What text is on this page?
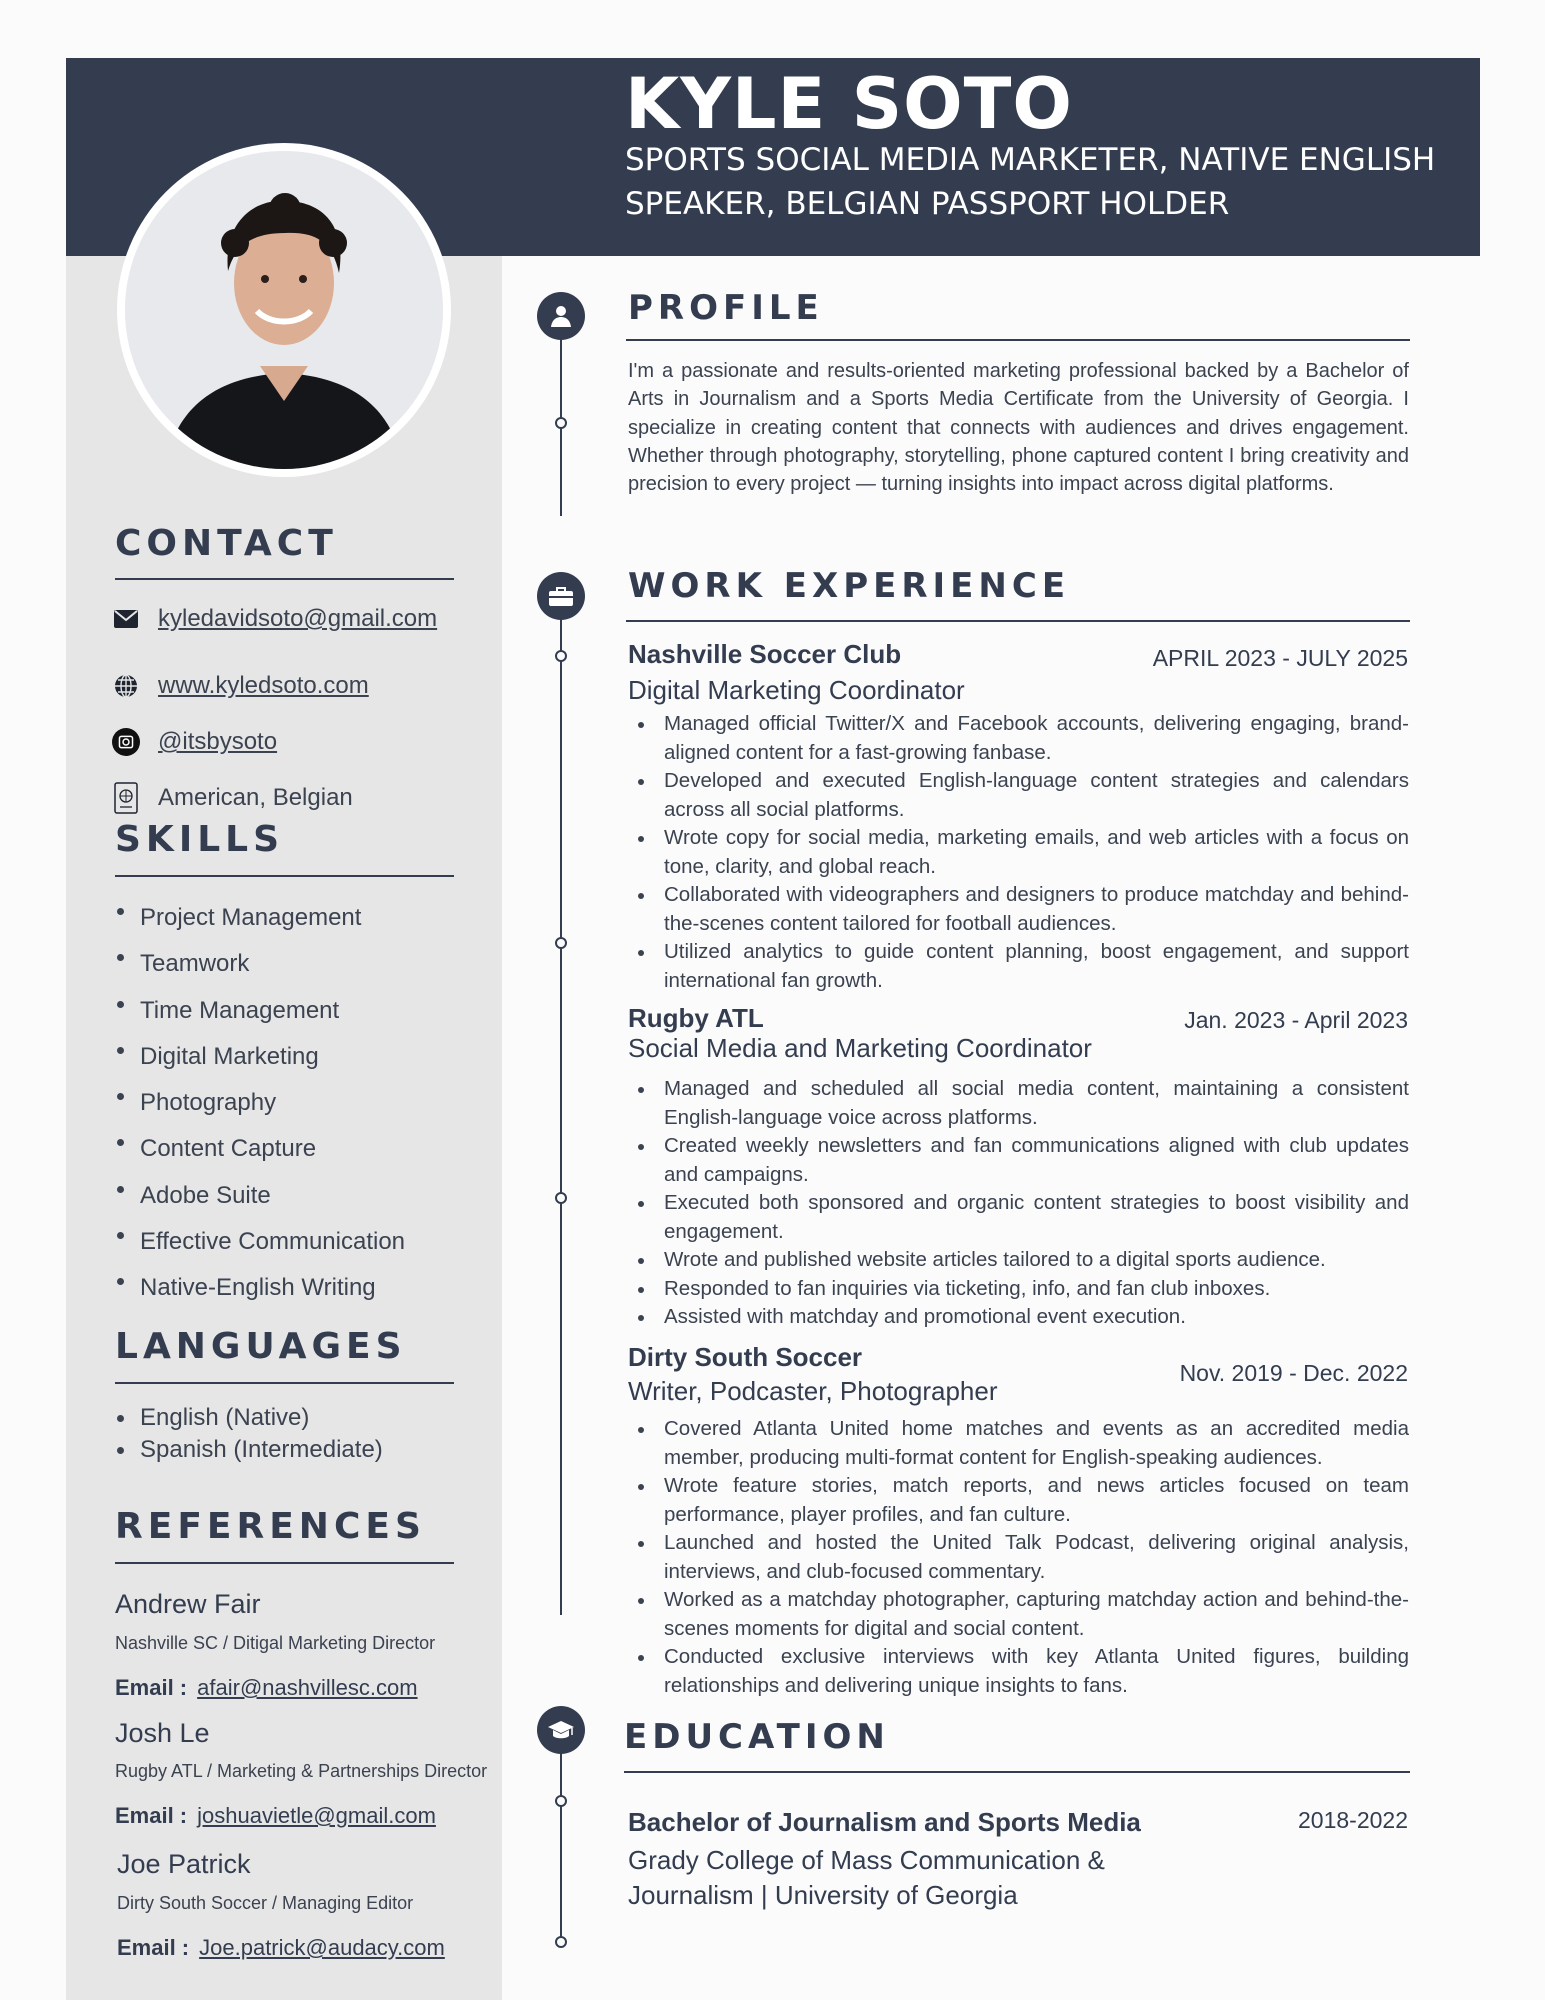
KYLE SOTO
SPORTS SOCIAL MEDIA MARKETER, NATIVE ENGLISH SPEAKER, BELGIAN PASSPORT HOLDER
CONTACT
kyledavidsoto@gmail.com
www.kyledsoto.com
@itsbysoto
American, Belgian
SKILLS
Project Management
Teamwork
Time Management
Digital Marketing
Photography
Content Capture
Adobe Suite
Effective Communication
Native-English Writing
LANGUAGES
English (Native)
Spanish (Intermediate)
REFERENCES
Andrew Fair
Nashville SC / Ditigal Marketing Director
Email : afair@nashvillesc.com
Josh Le
Rugby ATL / Marketing & Partnerships Director
Email : joshuavietle@gmail.com
Joe Patrick
Dirty South Soccer / Managing Editor
Email : Joe.patrick@audacy.com
PROFILE

I'm a passionate and results-oriented marketing professional backed by a Bachelor of Arts in Journalism and a Sports Media Certificate from the University of Georgia. I specialize in creating content that connects with audiences and drives engagement. Whether through photography, storytelling, phone captured content I bring creativity and precision to every project — turning insights into impact across digital platforms.

WORK EXPERIENCE
Nashville Soccer Club	APRIL 2023 - JULY 2025
Digital Marketing Coordinator
Managed official Twitter/X and Facebook accounts, delivering engaging, brand-aligned content for a fast-growing fanbase.
Developed and executed English-language content strategies and calendars across all social platforms.
Wrote copy for social media, marketing emails, and web articles with a focus on tone, clarity, and global reach.
Collaborated with videographers and designers to produce matchday and behind-the-scenes content tailored for football audiences.
Utilized analytics to guide content planning, boost engagement, and support international fan growth.
Rugby ATL	Jan. 2023 - April 2023
Social Media and Marketing Coordinator
Managed and scheduled all social media content, maintaining a consistent English-language voice across platforms.
Created weekly newsletters and fan communications aligned with club updates and campaigns.
Executed both sponsored and organic content strategies to boost visibility and engagement.
Wrote and published website articles tailored to a digital sports audience.
Responded to fan inquiries via ticketing, info, and fan club inboxes.
Assisted with matchday and promotional event execution.
Dirty South Soccer
Nov. 2019 - Dec. 2022
Writer, Podcaster, Photographer
Covered Atlanta United home matches and events as an accredited media member, producing multi-format content for English-speaking audiences.
Wrote feature stories, match reports, and news articles focused on team performance, player profiles, and fan culture.
Launched and hosted the United Talk Podcast, delivering original analysis, interviews, and club-focused commentary.
Worked as a matchday photographer, capturing matchday action and behind-the-scenes moments for digital and social content.
Conducted exclusive interviews with key Atlanta United figures, building relationships and delivering unique insights to fans.
EDUCATION
Bachelor of Journalism and Sports Media	2018-2022
Grady College of Mass Communication & Journalism | University of Georgia
